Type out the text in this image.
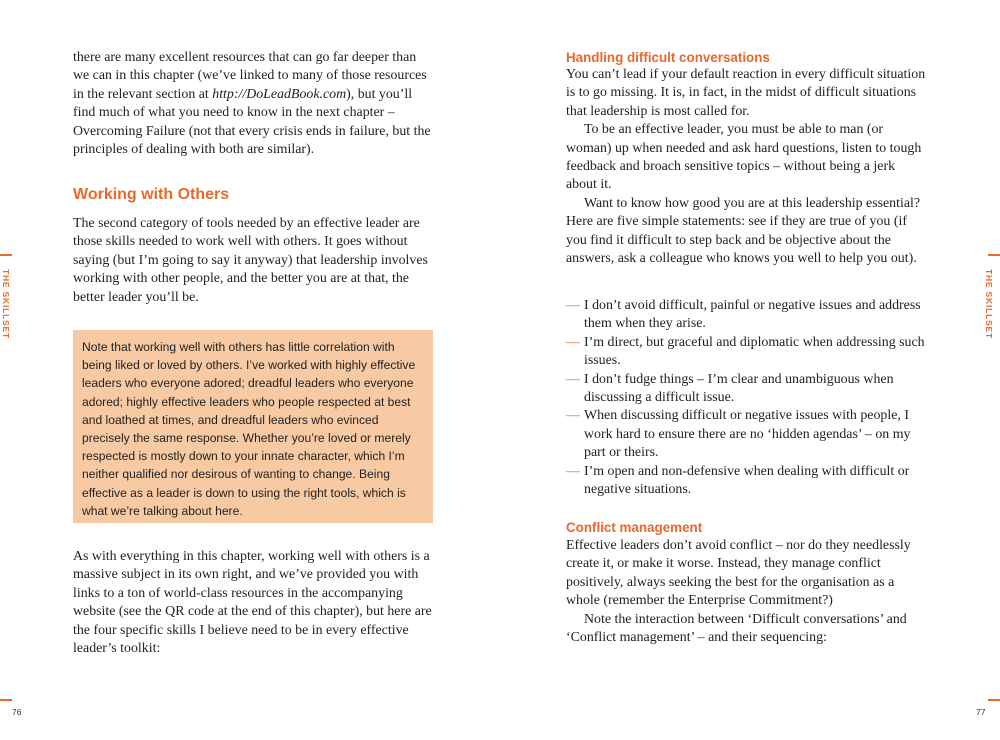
there are many excellent resources that can go far deeper than we can in this chapter (we’ve linked to many of those resources in the relevant section at http://DoLeadBook.com), but you’ll find much of what you need to know in the next chapter – Overcoming Failure (not that every crisis ends in failure, but the principles of dealing with both are similar).

Working with Others

The second category of tools needed by an effective leader are those skills needed to work well with others. It goes without saying (but I’m going to say it anyway) that leadership involves working with other people, and the better you are at that, the better leader you’ll be.

Note that working well with others has little correlation with being liked or loved by others. I’ve worked with highly effective leaders who everyone adored; dreadful leaders who everyone adored; highly effective leaders who people respected at best and loathed at times, and dreadful leaders who evinced precisely the same response. Whether you’re loved or merely respected is mostly down to your innate character, which I’m neither qualified nor desirous of wanting to change. Being effective as a leader is down to using the right tools, which is what we’re talking about here.

As with everything in this chapter, working well with others is a massive subject in its own right, and we’ve provided you with links to a ton of world-class resources in the accompanying website (see the QR code at the end of this chapter), but here are the four specific skills I believe need to be in every effective leader’s toolkit:

THE SKILLSET
76
Handling difficult conversations

You can’t lead if your default reaction in every difficult situation is to go missing. It is, in fact, in the midst of difficult situations that leadership is most called for.

To be an effective leader, you must be able to man (or woman) up when needed and ask hard questions, listen to tough feedback and broach sensitive topics – without being a jerk about it.

Want to know how good you are at this leadership essential? Here are five simple statements: see if they are true of you (if you find it difficult to step back and be objective about the answers, ask a colleague who knows you well to help you out).

— I don’t avoid difficult, painful or negative issues and address them when they arise.
— I’m direct, but graceful and diplomatic when addressing such issues.
— I don’t fudge things – I’m clear and unambiguous when discussing a difficult issue.
— When discussing difficult or negative issues with people, I work hard to ensure there are no ‘hidden agendas’ – on my part or theirs.
— I’m open and non-defensive when dealing with difficult or negative situations.
Conflict management

Effective leaders don’t avoid conflict – nor do they needlessly create it, or make it worse. Instead, they manage conflict positively, always seeking the best for the organisation as a whole (remember the Enterprise Commitment?)

Note the interaction between ‘Difficult conversations’ and ‘Conflict management’ – and their sequencing:

THE SKILLSET
77
